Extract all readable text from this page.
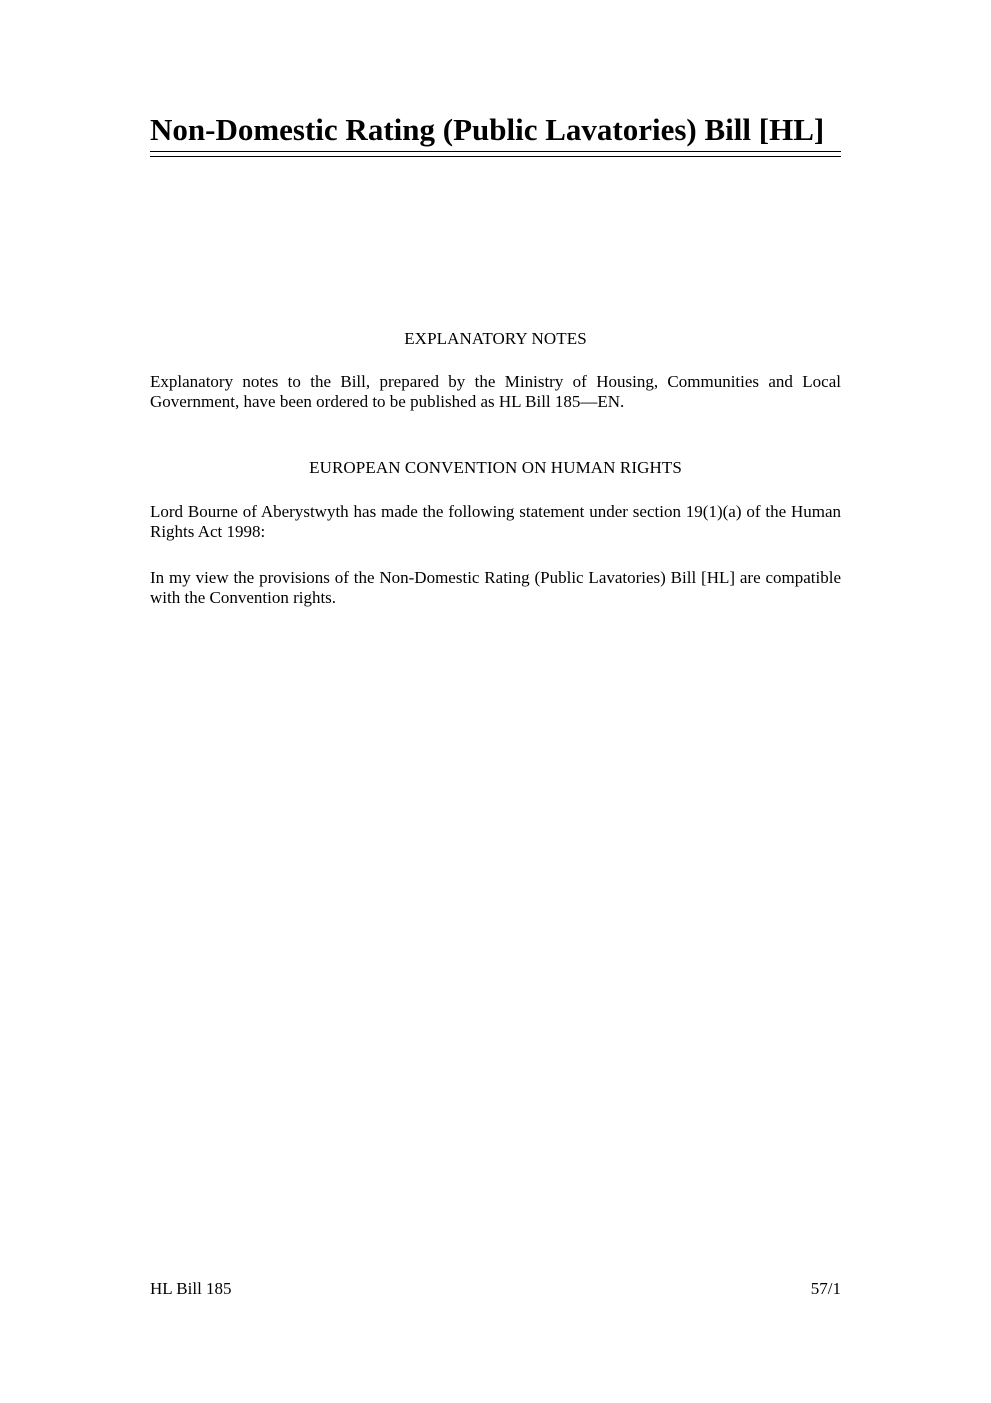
Non-Domestic Rating (Public Lavatories) Bill [HL]
EXPLANATORY NOTES

Explanatory notes to the Bill, prepared by the Ministry of Housing, Communities and Local Government, have been ordered to be published as HL Bill 185—EN.

EUROPEAN CONVENTION ON HUMAN RIGHTS

Lord Bourne of Aberystwyth has made the following statement under section 19(1)(a) of the Human Rights Act 1998:

In my view the provisions of the Non-Domestic Rating (Public Lavatories) Bill [HL] are compatible with the Convention rights.

HL Bill 185	57/1
